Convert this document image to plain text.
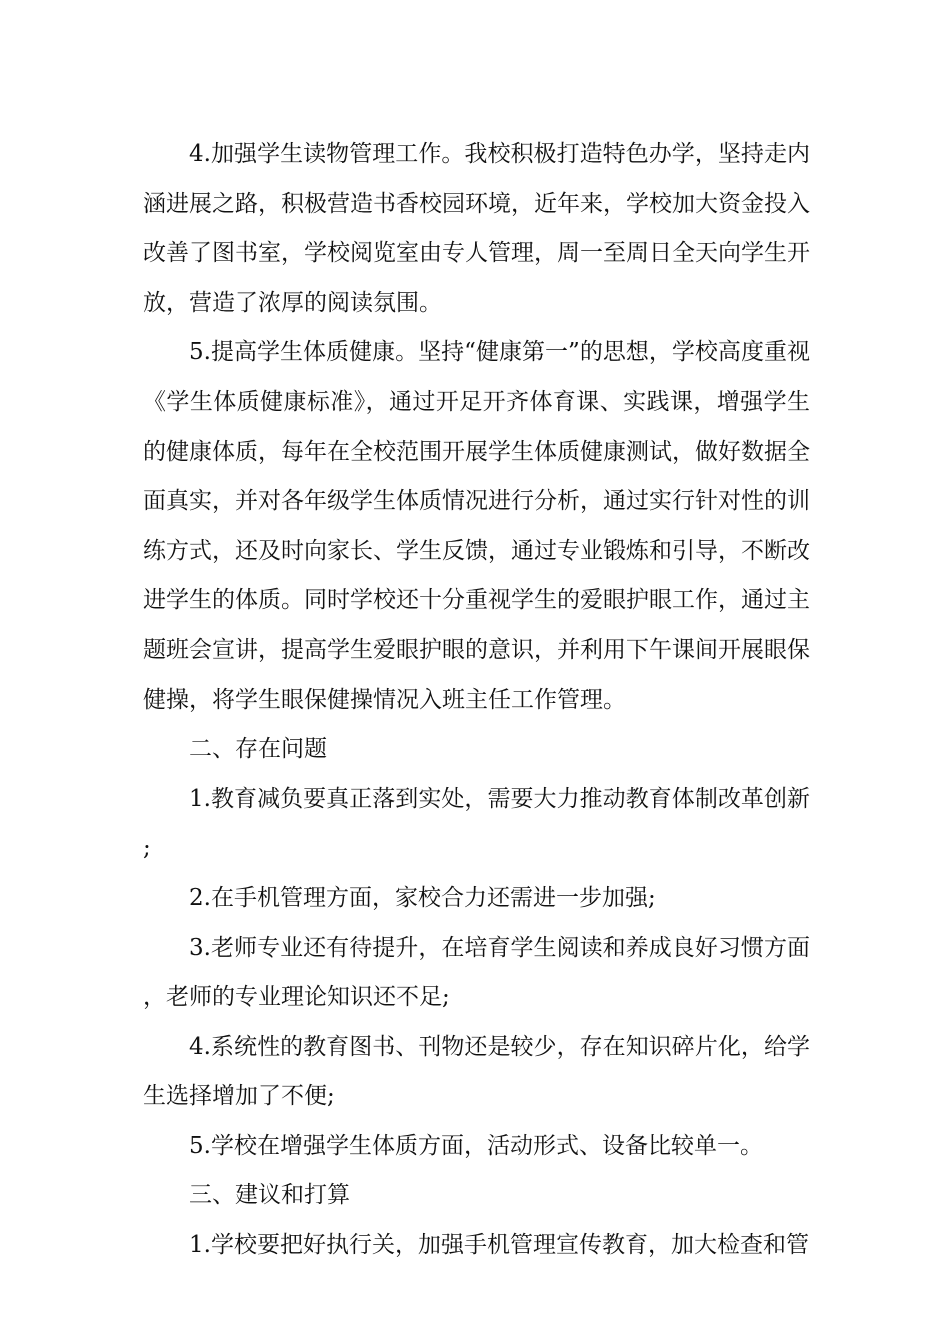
4.加强学生读物管理工作。我校积极打造特色办学，坚持走内涵进展之路，积极营造书香校园环境，近年来，学校加大资金投入改善了图书室，学校阅览室由专人管理，周一至周日全天向学生开放，营造了浓厚的阅读氛围。

5.提高学生体质健康。坚持“健康第一”的思想，学校高度重视《学生体质健康标准》，通过开足开齐体育课、实践课，增强学生的健康体质，每年在全校范围开展学生体质健康测试，做好数据全面真实，并对各年级学生体质情况进行分析，通过实行针对性的训练方式，还及时向家长、学生反馈，通过专业锻炼和引导，不断改进学生的体质。同时学校还十分重视学生的爱眼护眼工作，通过主题班会宣讲，提高学生爱眼护眼的意识，并利用下午课间开展眼保健操，将学生眼保健操情况入班主任工作管理。

二、存在问题

1.教育减负要真正落到实处，需要大力推动教育体制改革创新;

2.在手机管理方面，家校合力还需进一步加强;

3.老师专业还有待提升，在培育学生阅读和养成良好习惯方面，老师的专业理论知识还不足;

4.系统性的教育图书、刊物还是较少，存在知识碎片化，给学生选择增加了不便;

5.学校在增强学生体质方面，活动形式、设备比较单一。

三、建议和打算

1.学校要把好执行关，加强手机管理宣传教育，加大检查和管
